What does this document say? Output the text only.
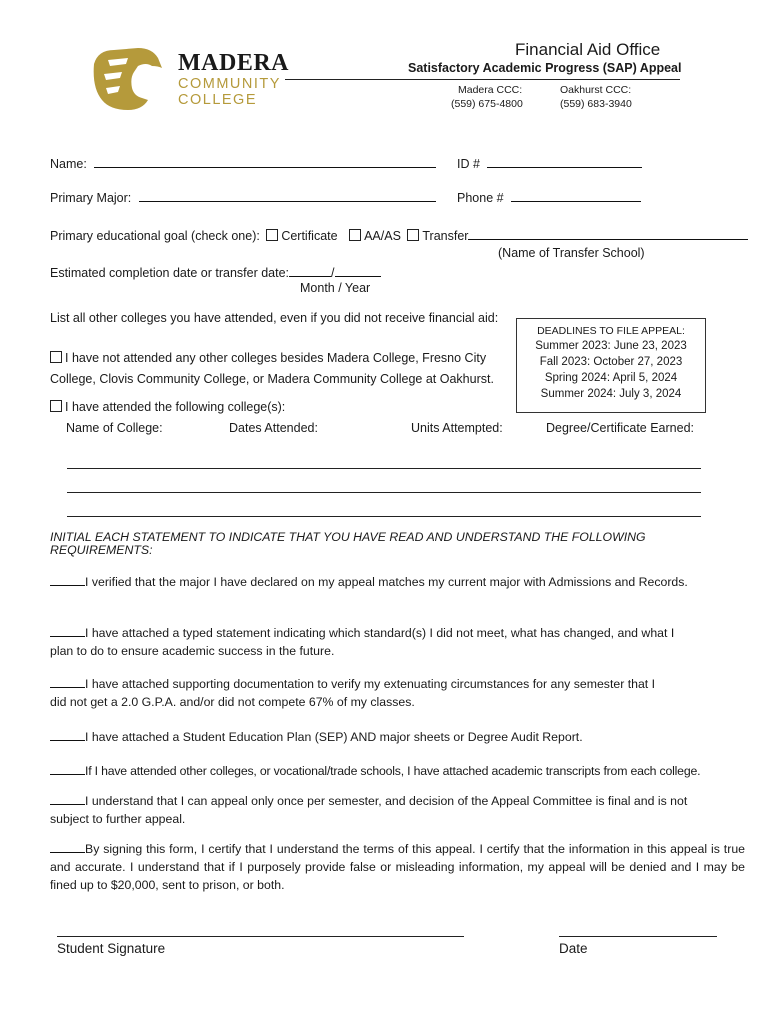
MADERA
COMMUNITY
COLLEGE
Financial Aid Office
Satisfactory Academic Progress (SAP) Appeal
Madera CCC:
(559) 675-4800
Oakhurst CCC:
(559) 683-3940
Name:	ID #
Primary Major:	Phone #
Primary educational goal (check one): Certificate AA/AS Transfer
(Name of Transfer School)
Estimated completion date or transfer date:	/
Month / Year
List all other colleges you have attended, even if you did not receive financial aid:
I have not attended any other colleges besides Madera College, Fresno City
College, Clovis Community College, or Madera Community College at Oakhurst.
I have attended the following college(s):
DEADLINES TO FILE APPEAL:
Summer 2023: June 23, 2023
Fall 2023: October 27, 2023
Spring 2024: April 5, 2024
Summer 2024: July 3, 2024
Name of College:	Dates Attended:	Units Attempted:	Degree/Certificate Earned:
INITIAL EACH STATEMENT TO INDICATE THAT YOU HAVE READ AND UNDERSTAND THE FOLLOWING REQUIREMENTS:
I verified that the major I have declared on my appeal matches my current major with Admissions and Records.
I have attached a typed statement indicating which standard(s) I did not meet, what has changed, and what I plan to do to ensure academic success in the future.
I have attached supporting documentation to verify my extenuating circumstances for any semester that I did not get a 2.0 G.P.A. and/or did not compete 67% of my classes.
I have attached a Student Education Plan (SEP) AND major sheets or Degree Audit Report.
If I have attended other colleges, or vocational/trade schools, I have attached academic transcripts from each college.
I understand that I can appeal only once per semester, and decision of the Appeal Committee is final and is not subject to further appeal.
By signing this form, I certify that I understand the terms of this appeal. I certify that the information in this appeal is true and accurate. I understand that if I purposely provide false or misleading information, my appeal will be denied and I may be fined up to $20,000, sent to prison, or both.
Student Signature	Date
